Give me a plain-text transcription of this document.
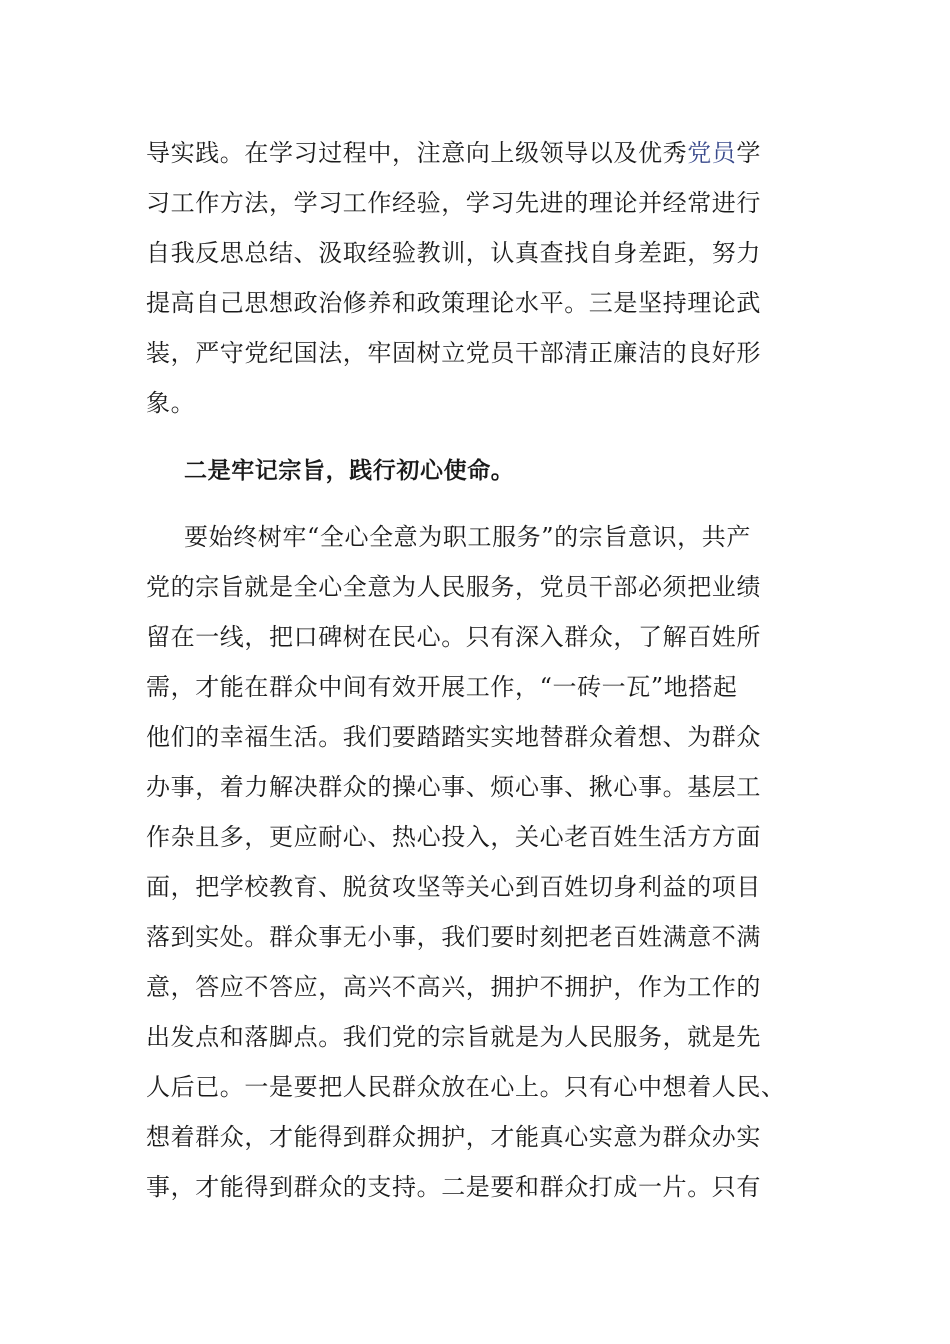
导实践。在学习过程中，注意向上级领导以及优秀党员学
习工作方法，学习工作经验，学习先进的理论并经常进行
自我反思总结、汲取经验教训，认真查找自身差距，努力
提高自己思想政治修养和政策理论水平。三是坚持理论武
装，严守党纪国法，牢固树立党员干部清正廉洁的良好形
象。
二是牢记宗旨，践行初心使命。
要始终树牢“全心全意为职工服务”的宗旨意识，共产
党的宗旨就是全心全意为人民服务，党员干部必须把业绩
留在一线，把口碑树在民心。只有深入群众，了解百姓所
需，才能在群众中间有效开展工作，“一砖一瓦”地搭起
他们的幸福生活。我们要踏踏实实地替群众着想、为群众
办事，着力解决群众的操心事、烦心事、揪心事。基层工
作杂且多，更应耐心、热心投入，关心老百姓生活方方面
面，把学校教育、脱贫攻坚等关心到百姓切身利益的项目
落到实处。群众事无小事，我们要时刻把老百姓满意不满
意，答应不答应，高兴不高兴，拥护不拥护，作为工作的
出发点和落脚点。我们党的宗旨就是为人民服务，就是先
人后已。一是要把人民群众放在心上。只有心中想着人民、
想着群众，才能得到群众拥护，才能真心实意为群众办实
事，才能得到群众的支持。二是要和群众打成一片。只有
